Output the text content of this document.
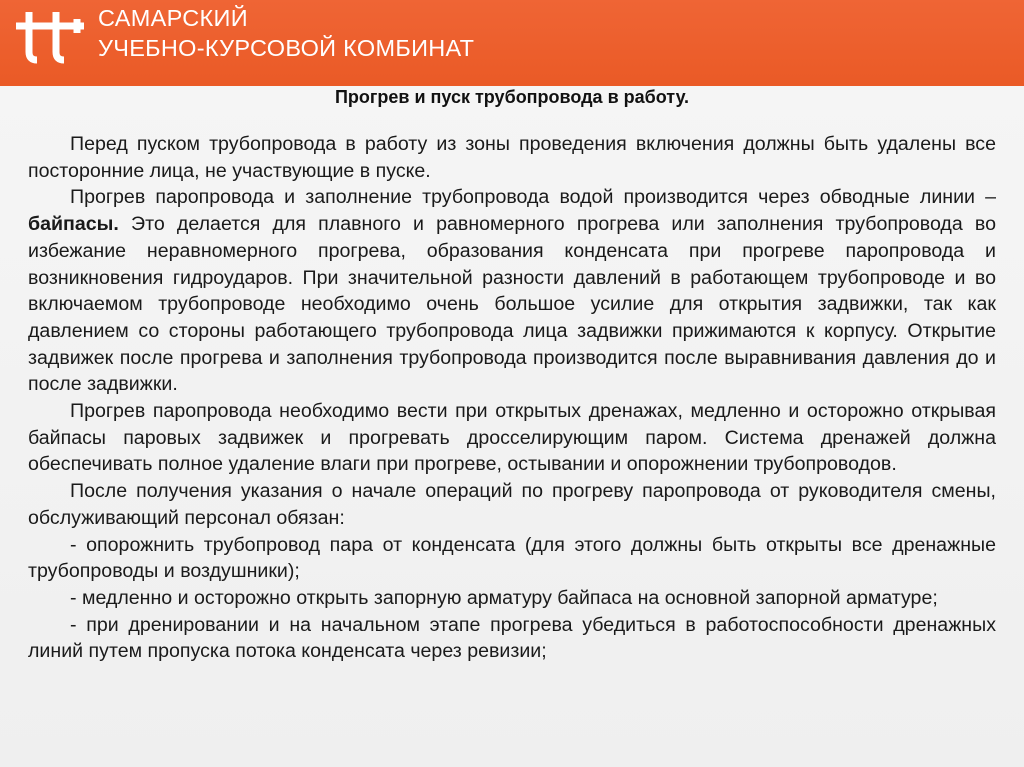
САМАРСКИЙ
УЧЕБНО-КУРСОВОЙ КОМБИНАТ
Прогрев и пуск трубопровода в работу.

Перед пуском трубопровода в работу из зоны проведения включения должны быть удалены все посторонние лица, не участвующие в пуске.

Прогрев паропровода и заполнение трубопровода водой производится через обводные линии – байпасы. Это делается для плавного и равномерного прогрева или заполнения трубопровода во избежание неравномерного прогрева, образования конденсата при прогреве паропровода и возникновения гидроударов. При значительной разности давлений в работающем трубопроводе и во включаемом трубопроводе необходимо очень большое усилие для открытия задвижки, так как давлением со стороны работающего трубопровода лица задвижки прижимаются к корпусу. Открытие задвижек после прогрева и заполнения трубопровода производится после выравнивания давления до и после задвижки.

Прогрев паропровода необходимо вести при открытых дренажах, медленно и осторожно открывая байпасы паровых задвижек и прогревать дросселирующим паром. Система дренажей должна обеспечивать полное удаление влаги при прогреве, остывании и опорожнении трубопроводов.

После получения указания о начале операций по прогреву паропровода от руководителя смены, обслуживающий персонал обязан:

- опорожнить трубопровод пара от конденсата (для этого должны быть открыты все дренажные трубопроводы и воздушники);

- медленно и осторожно открыть запорную арматуру байпаса на основной запорной арматуре;

- при дренировании и на начальном этапе прогрева убедиться в работоспособности дренажных линий путем пропуска потока конденсата через ревизии;
